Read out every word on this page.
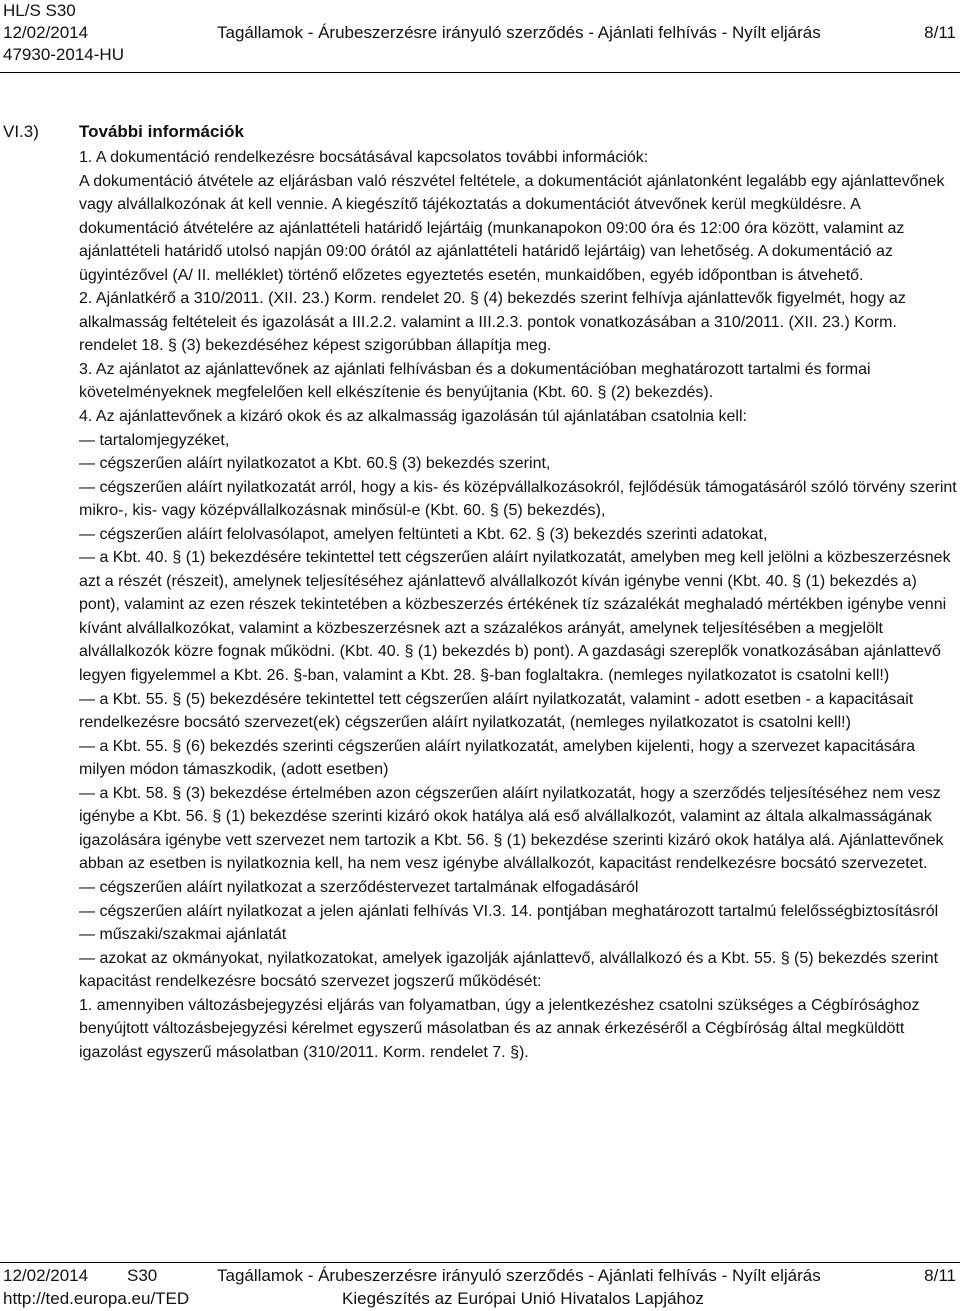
HL/S S30
12/02/2014	Tagállamok - Árubeszerzésre irányuló szerződés - Ajánlati felhívás - Nyílt eljárás	8/11
47930-2014-HU
VI.3) További információk

1. A dokumentáció rendelkezésre bocsátásával kapcsolatos további információk:

A dokumentáció átvétele az eljárásban való részvétel feltétele, a dokumentációt ajánlatonként legalább egy ajánlattevőnek vagy alvállalkozónak át kell vennie. A kiegészítő tájékoztatás a dokumentációt átvevőnek kerül megküldésre. A dokumentáció átvételére az ajánlattételi határidő lejártáig (munkanapokon 09:00 óra és 12:00 óra között, valamint az ajánlattételi határidő utolsó napján 09:00 órától az ajánlattételi határidő lejártáig) van lehetőség. A dokumentáció az ügyintézővel (A/ II. melléklet) történő előzetes egyeztetés esetén, munkaidőben, egyéb időpontban is átvehető.

2. Ajánlatkérő a 310/2011. (XII. 23.) Korm. rendelet 20. § (4) bekezdés szerint felhívja ajánlattevők figyelmét, hogy az alkalmasság feltételeit és igazolását a III.2.2. valamint a III.2.3. pontok vonatkozásában a 310/2011. (XII. 23.) Korm. rendelet 18. § (3) bekezdéséhez képest szigorúbban állapítja meg.

3. Az ajánlatot az ajánlattevőnek az ajánlati felhívásban és a dokumentációban meghatározott tartalmi és formai követelményeknek megfelelően kell elkészítenie és benyújtania (Kbt. 60. § (2) bekezdés).

4. Az ajánlattevőnek a kizáró okok és az alkalmasság igazolásán túl ajánlatában csatolnia kell:

— tartalomjegyzéket,

— cégszerűen aláírt nyilatkozatot a Kbt. 60.§ (3) bekezdés szerint,

— cégszerűen aláírt nyilatkozatát arról, hogy a kis- és középvállalkozásokról, fejlődésük támogatásáról szóló törvény szerint mikro-, kis- vagy középvállalkozásnak minősül-e (Kbt. 60. § (5) bekezdés),

— cégszerűen aláírt felolvasólapot, amelyen feltünteti a Kbt. 62. § (3) bekezdés szerinti adatokat,

— a Kbt. 40. § (1) bekezdésére tekintettel tett cégszerűen aláírt nyilatkozatát, amelyben meg kell jelölni a közbeszerzésnek azt a részét (részeit), amelynek teljesítéséhez ajánlattevő alvállalkozót kíván igénybe venni (Kbt. 40. § (1) bekezdés a) pont), valamint az ezen részek tekintetében a közbeszerzés értékének tíz százalékát meghaladó mértékben igénybe venni kívánt alvállalkozókat, valamint a közbeszerzésnek azt a százalékos arányát, amelynek teljesítésében a megjelölt alvállalkozók közre fognak működni. (Kbt. 40. § (1) bekezdés b) pont). A gazdasági szereplők vonatkozásában ajánlattevő legyen figyelemmel a Kbt. 26. §-ban, valamint a Kbt. 28. §-ban foglaltakra. (nemleges nyilatkozatot is csatolni kell!)

— a Kbt. 55. § (5) bekezdésére tekintettel tett cégszerűen aláírt nyilatkozatát, valamint - adott esetben - a kapacitásait rendelkezésre bocsátó szervezet(ek) cégszerűen aláírt nyilatkozatát, (nemleges nyilatkozatot is csatolni kell!)

— a Kbt. 55. § (6) bekezdés szerinti cégszerűen aláírt nyilatkozatát, amelyben kijelenti, hogy a szervezet kapacitására milyen módon támaszkodik, (adott esetben)

— a Kbt. 58. § (3) bekezdése értelmében azon cégszerűen aláírt nyilatkozatát, hogy a szerződés teljesítéséhez nem vesz igénybe a Kbt. 56. § (1) bekezdése szerinti kizáró okok hatálya alá eső alvállalkozót, valamint az általa alkalmasságának igazolására igénybe vett szervezet nem tartozik a Kbt. 56. § (1) bekezdése szerinti kizáró okok hatálya alá. Ajánlattevőnek abban az esetben is nyilatkoznia kell, ha nem vesz igénybe alvállalkozót, kapacitást rendelkezésre bocsátó szervezetet.

— cégszerűen aláírt nyilatkozat a szerződéstervezet tartalmának elfogadásáról

— cégszerűen aláírt nyilatkozat a jelen ajánlati felhívás VI.3. 14. pontjában meghatározott tartalmú felelősségbiztosításról

— műszaki/szakmai ajánlatát

— azokat az okmányokat, nyilatkozatokat, amelyek igazolják ajánlattevő, alvállalkozó és a Kbt. 55. § (5) bekezdés szerint kapacitást rendelkezésre bocsátó szervezet jogszerű működését:

1. amennyiben változásbejegyzési eljárás van folyamatban, úgy a jelentkezéshez csatolni szükséges a Cégbírósághoz benyújtott változásbejegyzési kérelmet egyszerű másolatban és az annak érkezéséről a Cégbíróság által megküldött igazolást egyszerű másolatban (310/2011. Korm. rendelet 7. §).

12/02/2014 S30	Tagállamok - Árubeszerzésre irányuló szerződés - Ajánlati felhívás - Nyílt eljárás	8/11
http://ted.europa.eu/TED	Kiegészítés az Európai Unió Hivatalos Lapjához
